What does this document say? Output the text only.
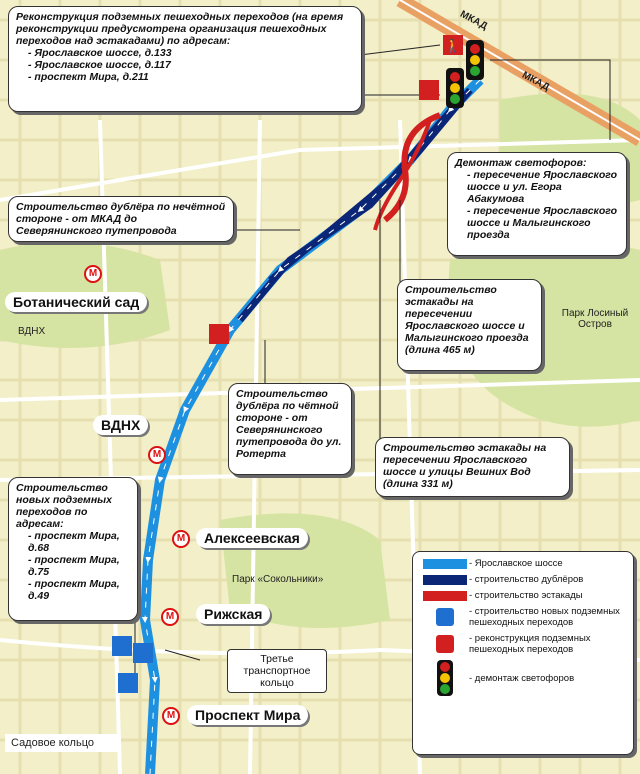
🚶
МКАД
МКАД
Парк Лосиный Остров
ВДНХ
Парк «Сокольники»
Третье транспортное кольцо
Садовое кольцо
М
Ботанический сад
ВДНХ
М
М	Алексеевская
М	Рижская
М	Проспект Мира
Реконструкция подземных пешеходных переходов (на время реконструкции предусмотрена организация пешеходных переходов над эстакадами) по адресам:
- Ярославское шоссе, д.133
- Ярославское шоссе, д.117
- проспект Мира, д.211
Строительство дублёра по нечётной стороне - от МКАД до Северянинского путепровода
Демонтаж светофоров:
- пересечение Ярославского шоссе и ул. Егора Абакумова
- пересечение Ярославского шоссе и Малыгинского проезда
Строительство эстакады на пересечении Ярославского шоссе и Малыгинского проезда (длина 465 м)
Строительство дублёра по чётной стороне - от Северянинского путепровода до ул. Ротерта	Строительство эстакады на пересечении Ярославского шоссе и улицы Вешних Вод (длина 331 м)
Строительство новых подземных переходов по адресам:
- проспект Мира, д.68
- проспект Мира, д.75
- проспект Мира, д.49
- Ярославское шоссе
- строительство дублёров
- строительство эстакады
- строительство новых подземных пешеходных переходов
- реконструкция подземных пешеходных переходов
- демонтаж светофоров
